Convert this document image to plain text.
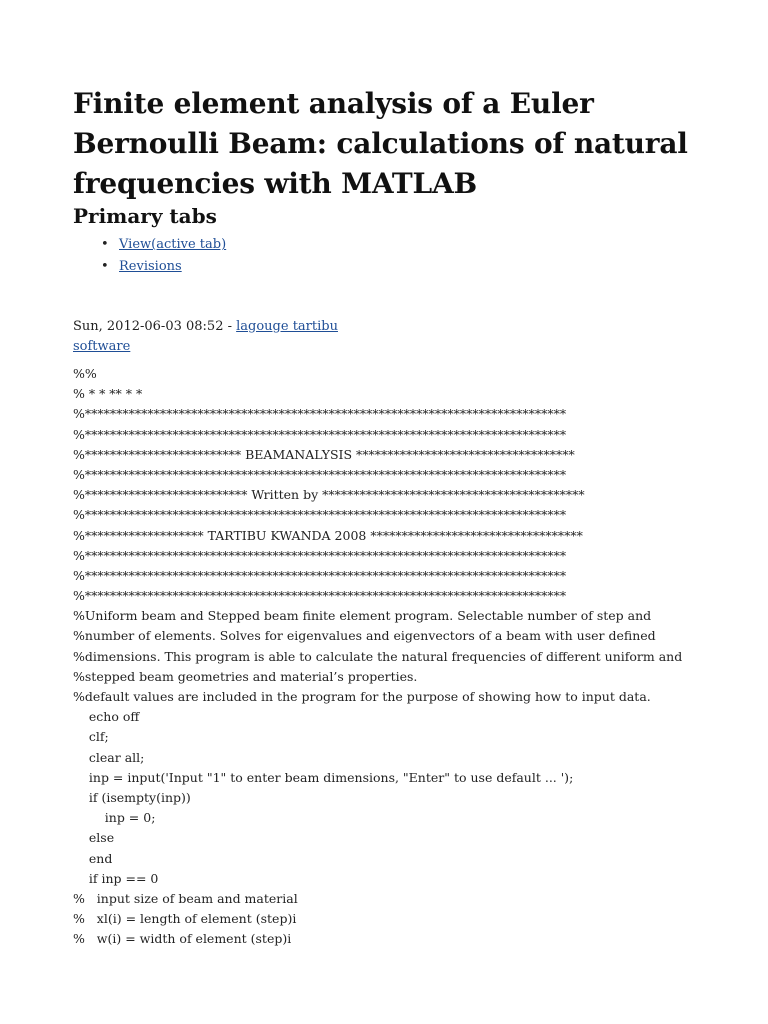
Finite element analysis of a Euler Bernoulli Beam: calculations of natural frequencies with MATLAB
Primary tabs
• View(active tab)
• Revisions
Sun, 2012-06-03 08:52 - lagouge tartibu
software
%%
% * * ** * *
%*****************************************************************************
%*****************************************************************************
%************************* BEAMANALYSIS ***********************************
%*****************************************************************************
%************************** Written by ******************************************
%*****************************************************************************
%******************* TARTIBU KWANDA 2008 **********************************
%*****************************************************************************
%*****************************************************************************
%*****************************************************************************
%Uniform beam and Stepped beam finite element program. Selectable number of step and
%number of elements. Solves for eigenvalues and eigenvectors of a beam with user defined
%dimensions. This program is able to calculate the natural frequencies of different uniform and
%stepped beam geometries and material’s properties.
%default values are included in the program for the purpose of showing how to input data.
echo off
clf;
clear all;
inp = input('Input "1" to enter beam dimensions, "Enter" to use default ... ');
if (isempty(inp))
inp = 0;
else
end
if inp == 0
%   input size of beam and material
%   xl(i) = length of element (step)i
%   w(i) = width of element (step)i
